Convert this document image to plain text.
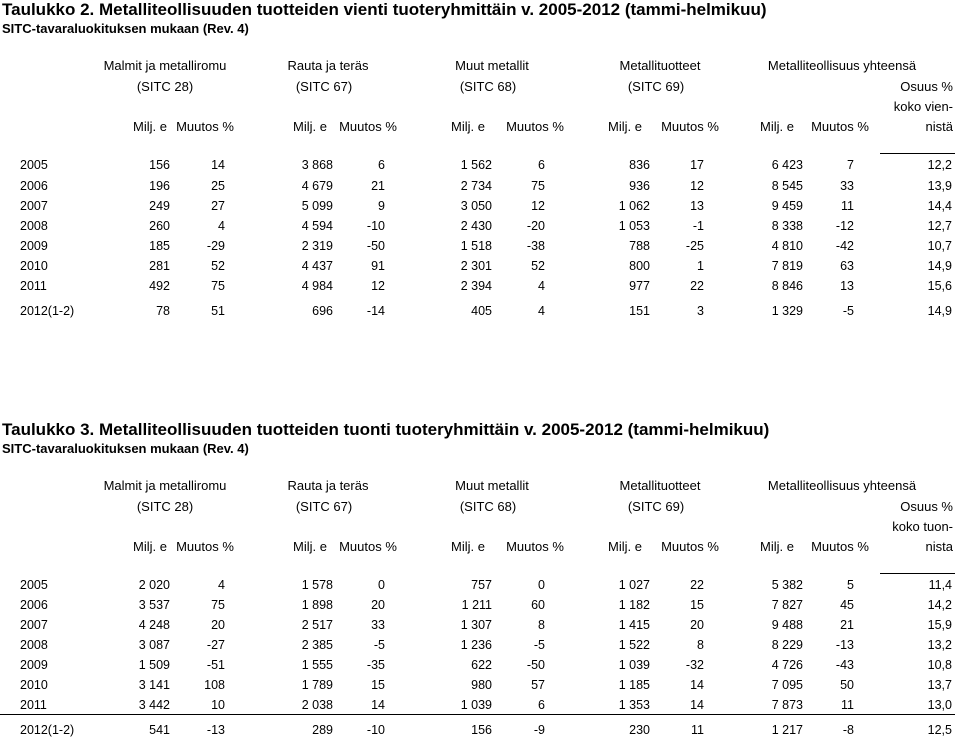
Taulukko 2. Metalliteollisuuden tuotteiden vienti tuoteryhmittäin v. 2005-2012 (tammi-helmikuu)
SITC-tavaraluokituksen mukaan (Rev. 4)
Malmit ja metalliromu
(SITC 28)
Milj. e Muutos %
Rauta ja teräs
(SITC 67)
Milj. e Muutos %
Muut metallit
(SITC 68)
Milj. e	Muutos %
Metallituotteet
(SITC 69)
Milj. e	Muutos %
Metalliteollisuus yhteensä
Milj. e	Muutos %
Osuus %
koko vien-
nistä
2005	156	14	3 868	6	1 562	6	836	17	6 423	7	12,2
2006	196	25	4 679	21	2 734	75	936	12	8 545	33	13,9
2007	249	27	5 099	9	3 050	12	1 062	13	9 459	11	14,4
2008	260	4	4 594	-10	2 430	-20	1 053	-1	8 338	-12	12,7
2009	185	-29	2 319	-50	1 518	-38	788	-25	4 810	-42	10,7
2010	281	52	4 437	91	2 301	52	800	1	7 819	63	14,9
2011	492	75	4 984	12	2 394	4	977	22	8 846	13	15,6
2012(1-2)	78	51	696	-14	405	4	151	3	1 329	-5	14,9
Taulukko 3. Metalliteollisuuden tuotteiden tuonti tuoteryhmittäin v. 2005-2012 (tammi-helmikuu)
SITC-tavaraluokituksen mukaan (Rev. 4)
Malmit ja metalliromu
(SITC 28)
Milj. e Muutos %
Rauta ja teräs
(SITC 67)
Milj. e Muutos %
Muut metallit
(SITC 68)
Milj. e	Muutos %
Metallituotteet
(SITC 69)
Milj. e	Muutos %
Metalliteollisuus yhteensä
Milj. e	Muutos %
Osuus %
koko tuon-
nista
2005	2 020	4	1 578	0	757	0	1 027	22	5 382	5	11,4
2006	3 537	75	1 898	20	1 211	60	1 182	15	7 827	45	14,2
2007	4 248	20	2 517	33	1 307	8	1 415	20	9 488	21	15,9
2008	3 087	-27	2 385	-5	1 236	-5	1 522	8	8 229	-13	13,2
2009	1 509	-51	1 555	-35	622	-50	1 039	-32	4 726	-43	10,8
2010	3 141	108	1 789	15	980	57	1 185	14	7 095	50	13,7
2011	3 442	10	2 038	14	1 039	6	1 353	14	7 873	11	13,0
2012(1-2)	541	-13	289	-10	156	-9	230	11	1 217	-8	12,5
